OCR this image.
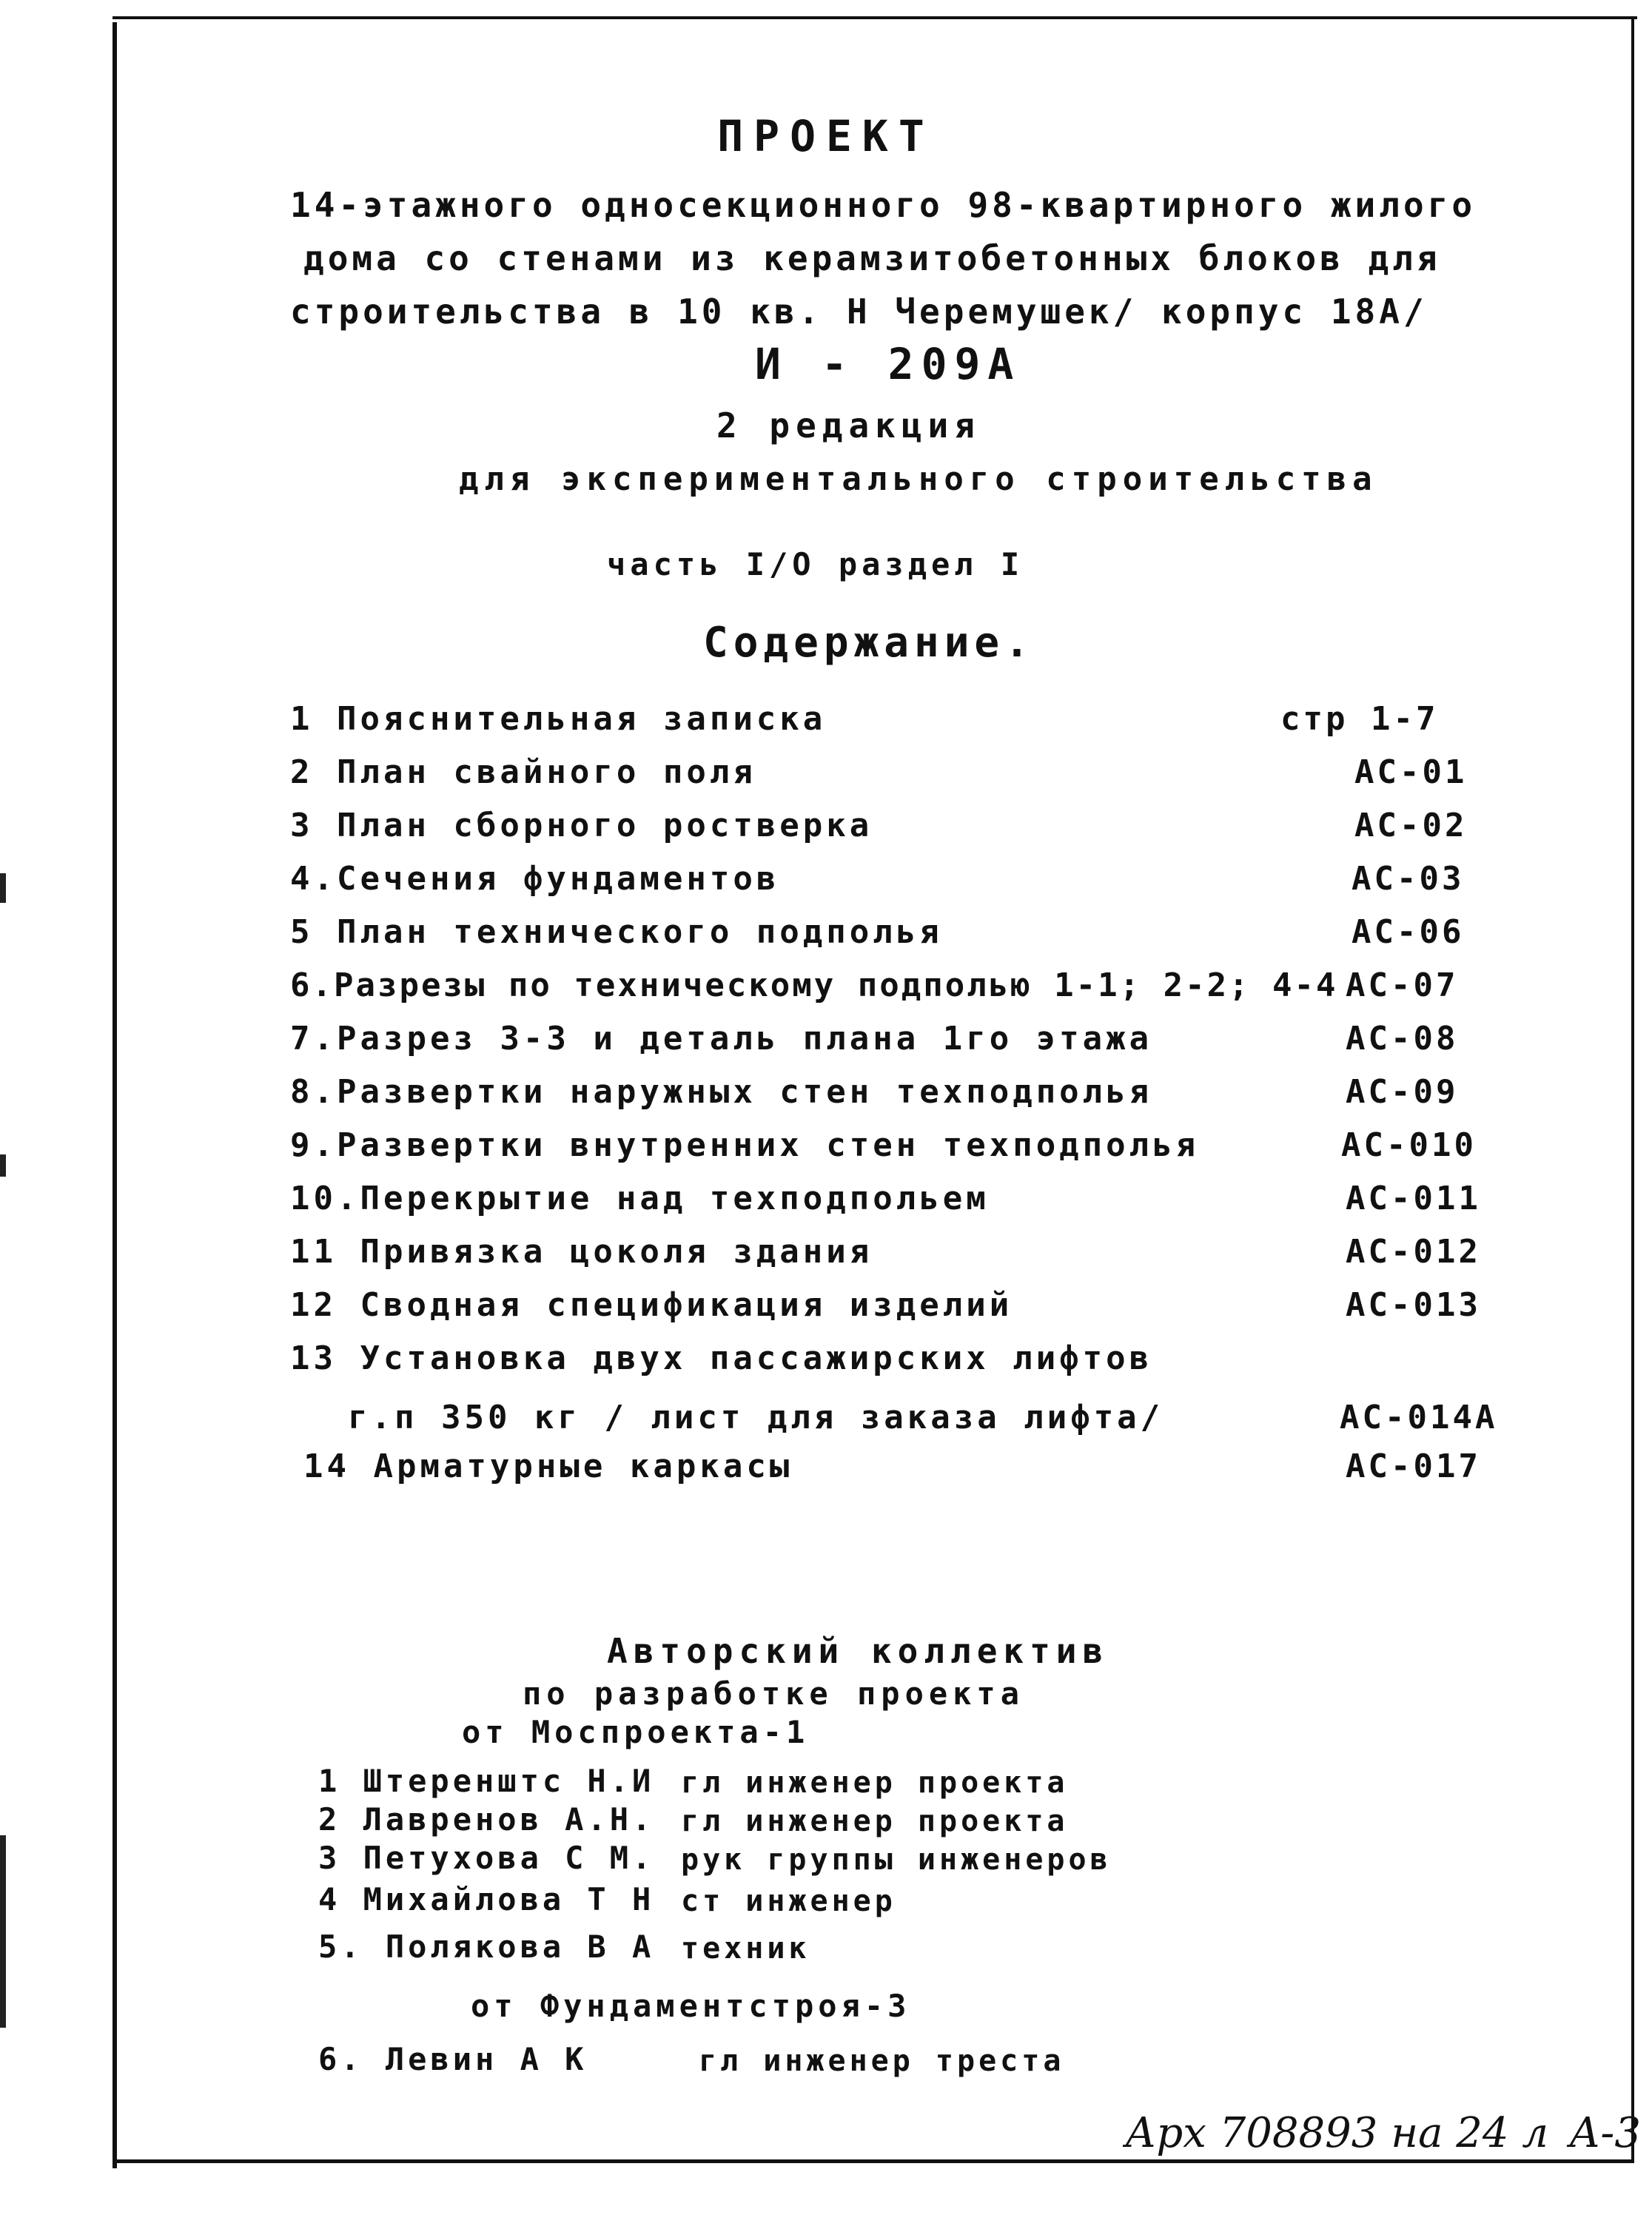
ПРОЕКТ
14-этажного односекционного 98-квартирного жилого
дома со стенами из керамзитобетонных блоков для
строительства в 10 кв. Н Черемушек/ корпус 18А/
И - 209А
2 редакция
для экспериментального строительства
часть I/О раздел I
Содержание.
1 Пояснительная записка	стр 1-7
2 План свайного поля	АС-01
3 План сборного ростверка	АС-02
4.Сечения фундаментов	АС-03
5 План технического подполья	АС-06
6.Разрезы по техническому подполью 1-1; 2-2; 4-4 АС-07
7.Разрез 3-3 и деталь плана 1го этажа	АС-08
8.Развертки наружных стен техподполья	АС-09
9.Развертки внутренних стен техподполья	АС-010
10.Перекрытие над техподпольем	АС-011
11 Привязка цоколя здания	АС-012
12 Сводная спецификация изделий	АС-013
13 Установка двух пассажирских лифтов
г.п 350 кг / лист для заказа лифта/	АС-014А
14 Арматурные каркасы	АС-017
Авторский коллектив
по разработке проекта
от Моспроекта-1
1 Штеренштс Н.И гл инженер проекта
2 Лавренов А.Н. гл инженер проекта
3 Петухова С М. рук группы инженеров
4 Михайлова Т Н ст инженер
5. Полякова В А техник
от Фундаментстроя-3
6. Левин А К	гл инженер треста
Арх 708893 на 24 л А-3
